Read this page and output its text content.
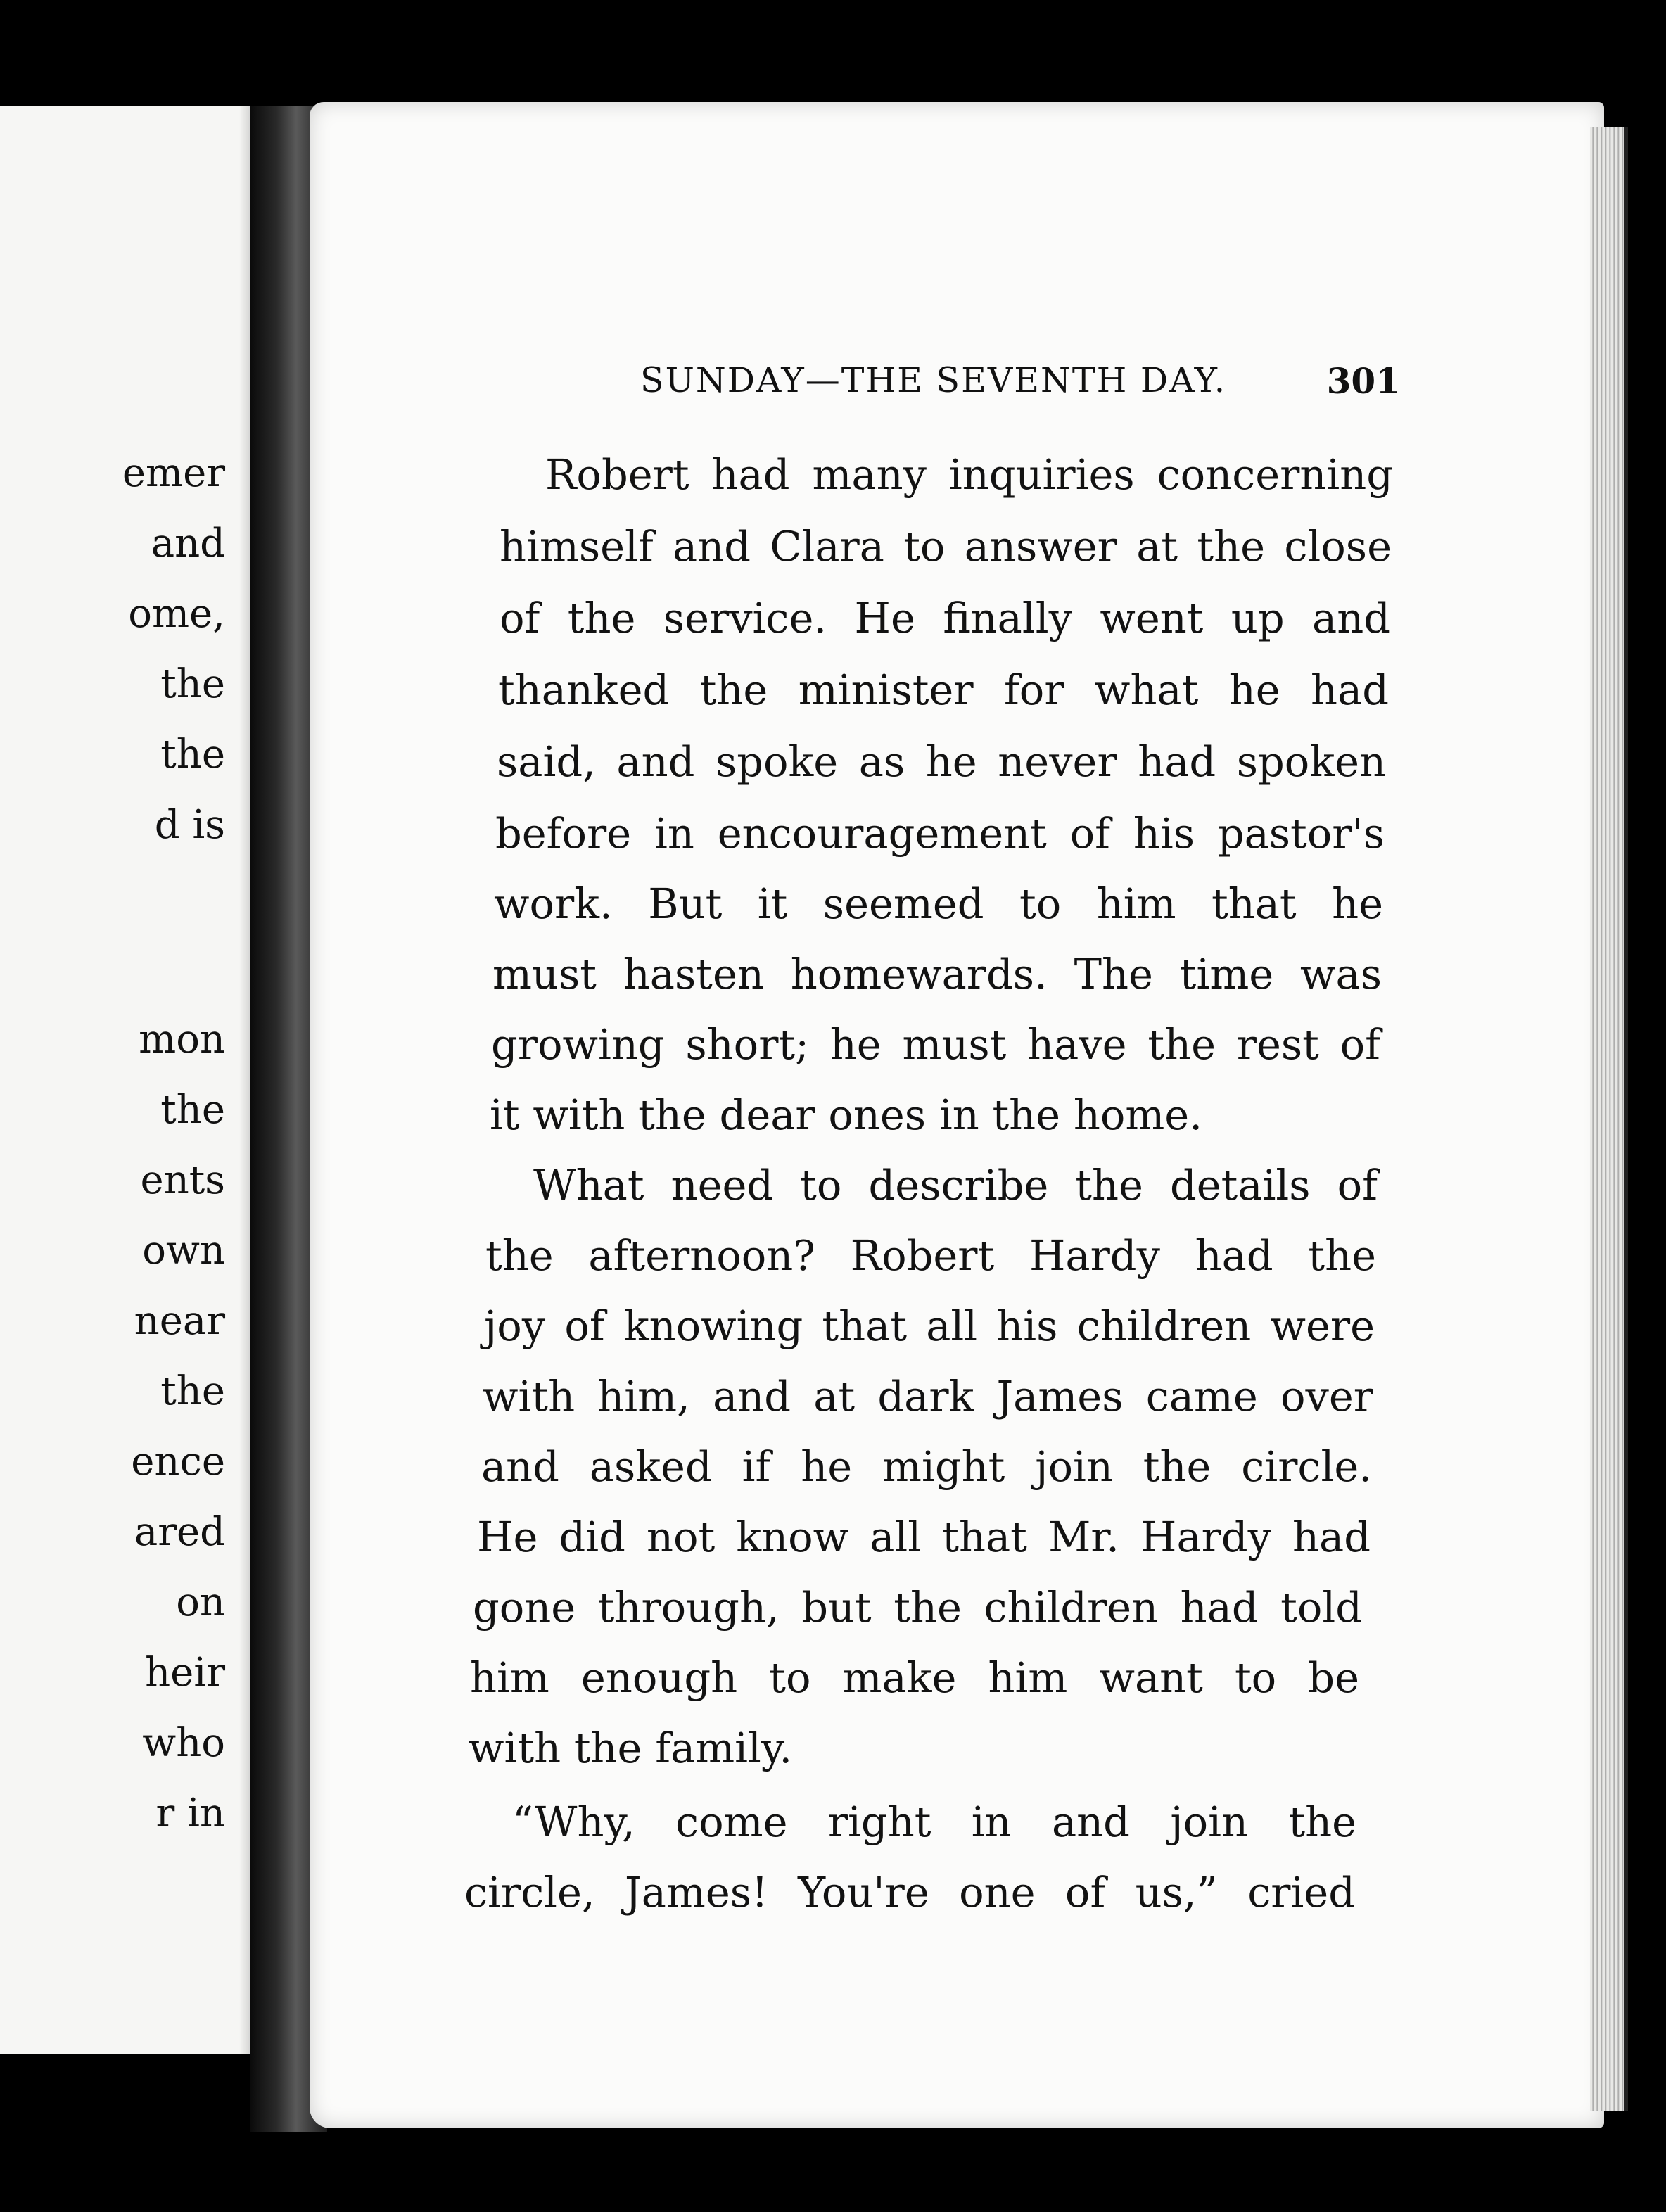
emer
and
ome,
the
the
d is
mon
the
ents
own
near
the
ence
ared
on
heir
who
r in
SUNDAY—THE SEVENTH DAY.	301
Robert had many inquiries concerning
himself and Clara to answer at the close
of the service. He finally went up and
thanked the minister for what he had
said, and spoke as he never had spoken
before in encouragement of his pastor's
work. But it seemed to him that he
must hasten homewards. The time was
growing short; he must have the rest of
it with the dear ones in the home.
What need to describe the details of
the afternoon? Robert Hardy had the
joy of knowing that all his children were
with him, and at dark James came over
and asked if he might join the circle.
He did not know all that Mr. Hardy had
gone through, but the children had told
him enough to make him want to be
with the family.
“Why, come right in and join the
circle, James! You're one of us,” cried
